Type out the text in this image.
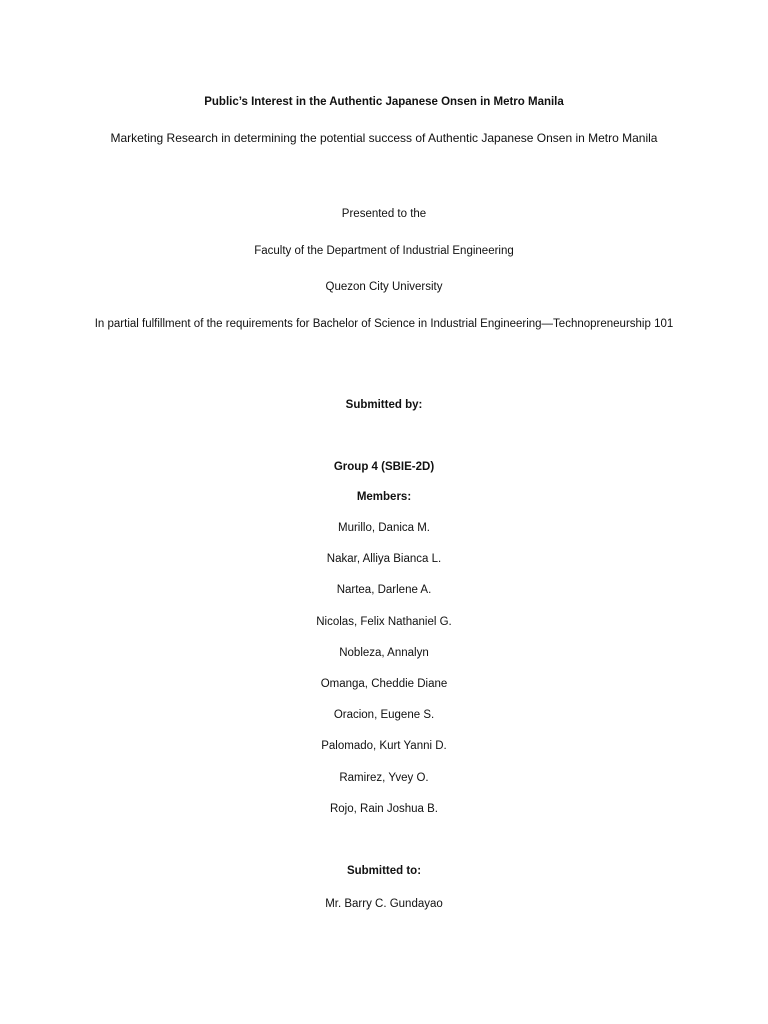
Public’s Interest in the Authentic Japanese Onsen in Metro Manila
Marketing Research in determining the potential success of Authentic Japanese Onsen in Metro Manila
Presented to the
Faculty of the Department of Industrial Engineering
Quezon City University
In partial fulfillment of the requirements for Bachelor of Science in Industrial Engineering—Technopreneurship 101
Submitted by:
Group 4 (SBIE-2D)
Members:
Murillo, Danica M.
Nakar, Alliya Bianca L.
Nartea, Darlene A.
Nicolas, Felix Nathaniel G.
Nobleza, Annalyn
Omanga, Cheddie Diane
Oracion, Eugene S.
Palomado, Kurt Yanni D.
Ramirez, Yvey O.
Rojo, Rain Joshua B.
Submitted to:
Mr. Barry C. Gundayao
